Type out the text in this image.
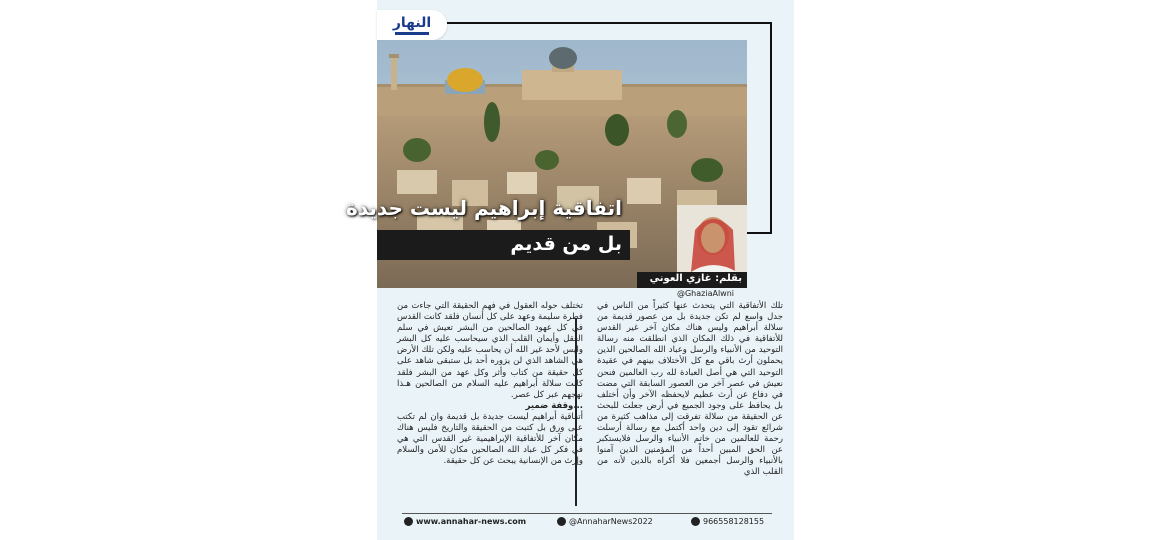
النهار
اتفاقية إبراهيم ليست جديدة
بل من قديم
بقلم: غازي العوني
@GhaziaAlwni

تلك الأتفاقية التي يتحدث عنها كثيراً من الناس في جدل واسع لم تكن جديدة بل من عصور قديمة من سلالة أبراهيم وليس هناك مكان آخر غير القدس للأتفاقية في ذلك المكان الذي انطلقت منه رسالة التوحيد من الأنبياء والرسل وعباد الله الصالحين الذين يحملون أرث باقي مع كل الأختلاف بينهم في عقيدة التوحيد التي هي أصل العبادة لله رب العالمين فنحن نعيش في عصر آخر من العصور السابقة التي مضت في دفاع عن أرث عظيم لايحفظه الآخر وأن أختلف بل يحافظ على وجود الجميع في أرض جعلت للبحث عن الحقيقة من سلالة تفرقت إلى مذاهب كثيرة من شرائع تقود إلى دين واحد أكتمل مع رسالة أرسلت رحمة للعالمين من خاتم الأنبياء والرسل فلايستكبر عن الحق المبين أحداً من المؤمنين الذين آمنوا بالأنبياء والرسل أجمعين فلا أكراه بالدين لأنه من القلب الذي

تختلف حوله العقول في فهم الحقيقة التي جاءت من فطرة سليمة وعهد على كل أنسان فلقد كانت القدس في كل عهود الصالحين من البشر تعيش في سلم العقل وأيمان القلب الذي سيحاسب عليه كل البشر وليس لأحد غير الله أن يحاسب عليه ولكن تلك الأرض هي الشاهد الذي لن يزوره أحد بل ستبقى شاهد على كل حقيقة من كتاب وأثر وكل عهد من البشر فلقد كانت سلالة أبراهيم عليه السلام من الصالحين هـذا نهجهم عبر كل عصر.

...وقفة ضمير

أتفاقية أبراهيم ليست جديدة بل قديمة وان لم تكتب على ورق بل كتبت من الحقيقة والتاريخ فليس هناك مكان آخر للأتفاقية الإبراهيمية غير القدس التي هي في فكر كل عباد الله الصالحين مكان للأمن والسلام وإرث من الإنسانية يبحث عن كل حقيقة.

www.annahar-news.com	@AnnaharNews2022	966558128155
